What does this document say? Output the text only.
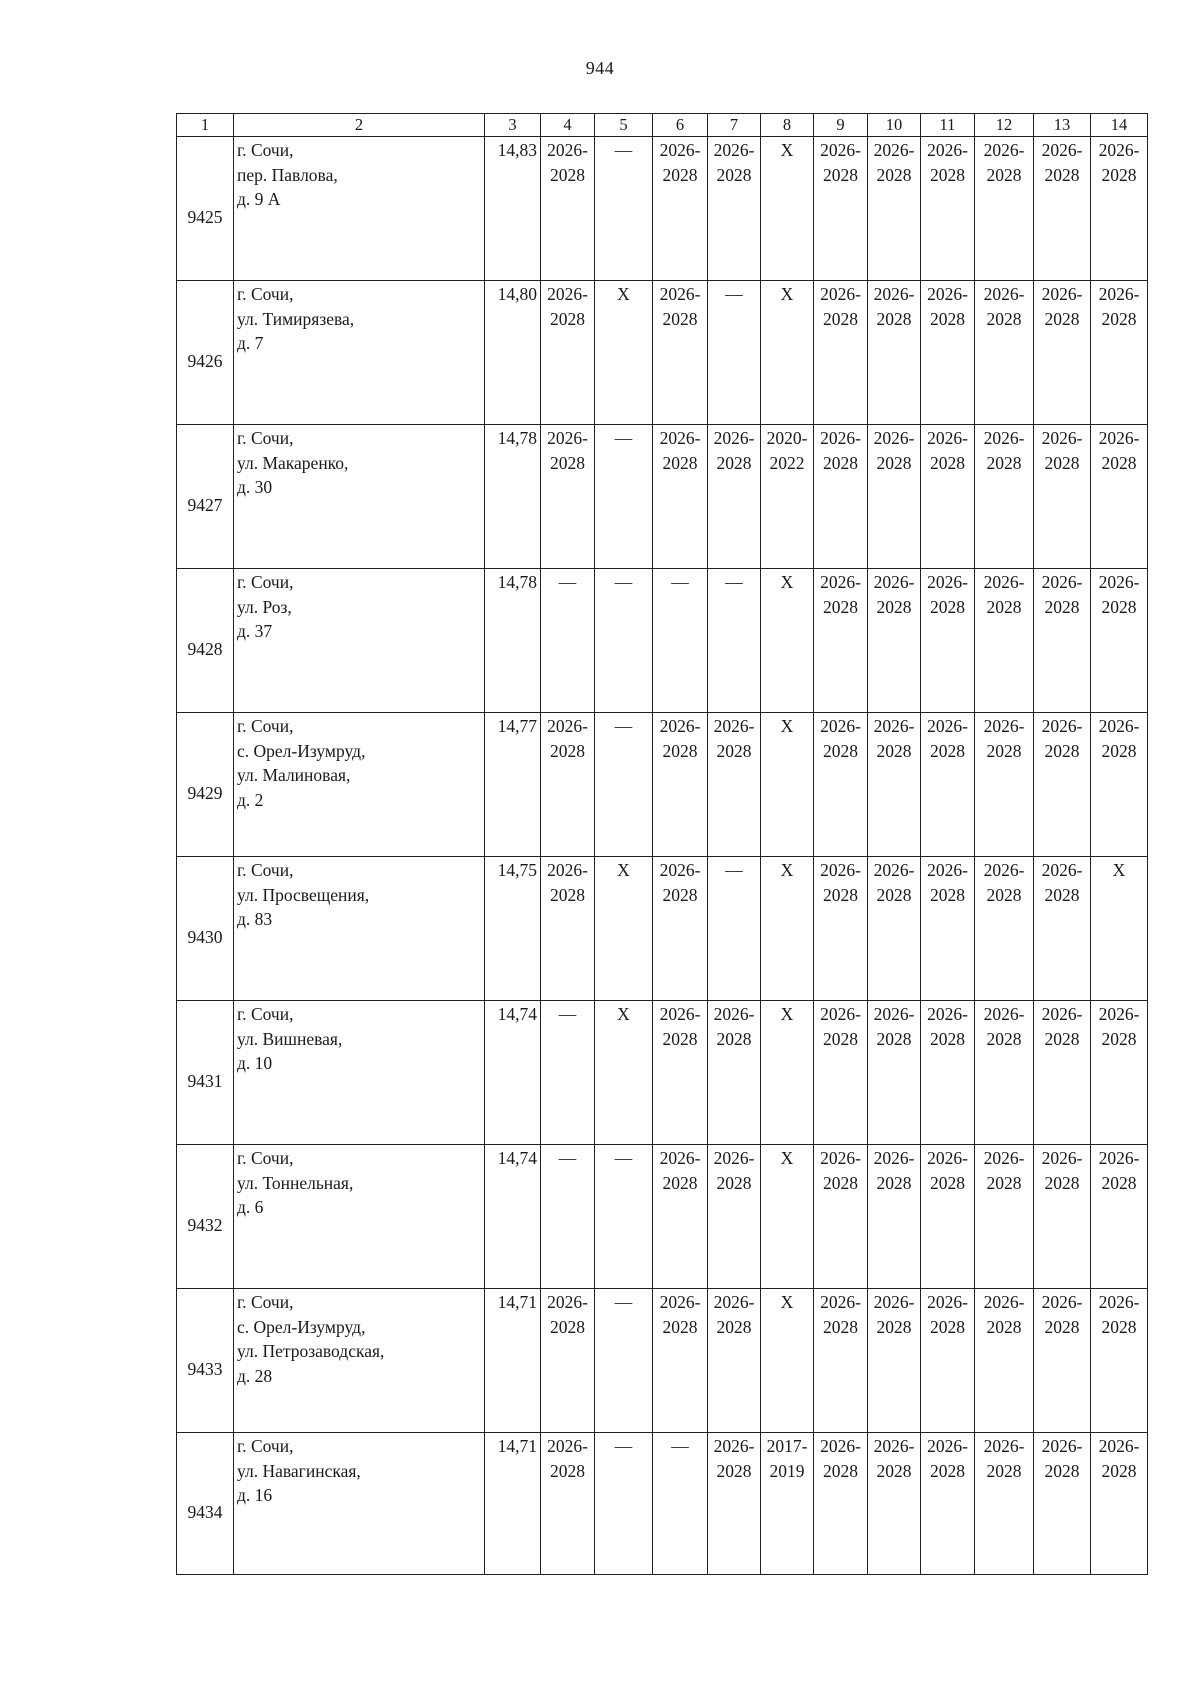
944
1	2	3	4	5	6	7	8	9	10	11	12	13	14
9425	г. Сочи,
пер. Павлова,
д. 9 А	14,83	2026-
2028	—	2026-
2028	2026-
2028	Х	2026-
2028	2026-
2028	2026-
2028	2026-
2028	2026-
2028	2026-
2028

9426	г. Сочи,
ул. Тимирязева,
д. 7	14,80	2026-
2028	Х	2026-
2028	—	Х	2026-
2028	2026-
2028	2026-
2028	2026-
2028	2026-
2028	2026-
2028

9427	г. Сочи,
ул. Макаренко,
д. 30	14,78	2026-
2028	—	2026-
2028	2026-
2028	2020-
2022	2026-
2028	2026-
2028	2026-
2028	2026-
2028	2026-
2028	2026-
2028

9428	г. Сочи,
ул. Роз,
д. 37	14,78	—	—	—	—	Х	2026-
2028	2026-
2028	2026-
2028	2026-
2028	2026-
2028	2026-
2028

9429	г. Сочи,
с. Орел-Изумруд,
ул. Малиновая,
д. 2	14,77	2026-
2028	—	2026-
2028	2026-
2028	Х	2026-
2028	2026-
2028	2026-
2028	2026-
2028	2026-
2028	2026-
2028

9430	г. Сочи,
ул. Просвещения,
д. 83	14,75	2026-
2028	Х	2026-
2028	—	Х	2026-
2028	2026-
2028	2026-
2028	2026-
2028	2026-
2028	Х

9431	г. Сочи,
ул. Вишневая,
д. 10	14,74	—	Х	2026-
2028	2026-
2028	Х	2026-
2028	2026-
2028	2026-
2028	2026-
2028	2026-
2028	2026-
2028

9432	г. Сочи,
ул. Тоннельная,
д. 6	14,74	—	—	2026-
2028	2026-
2028	Х	2026-
2028	2026-
2028	2026-
2028	2026-
2028	2026-
2028	2026-
2028

9433	г. Сочи,
с. Орел-Изумруд,
ул. Петрозаводская,
д. 28	14,71	2026-
2028	—	2026-
2028	2026-
2028	Х	2026-
2028	2026-
2028	2026-
2028	2026-
2028	2026-
2028	2026-
2028

9434	г. Сочи,
ул. Навагинская,
д. 16	14,71	2026-
2028	—	—	2026-
2028	2017-
2019	2026-
2028	2026-
2028	2026-
2028	2026-
2028	2026-
2028	2026-
2028
